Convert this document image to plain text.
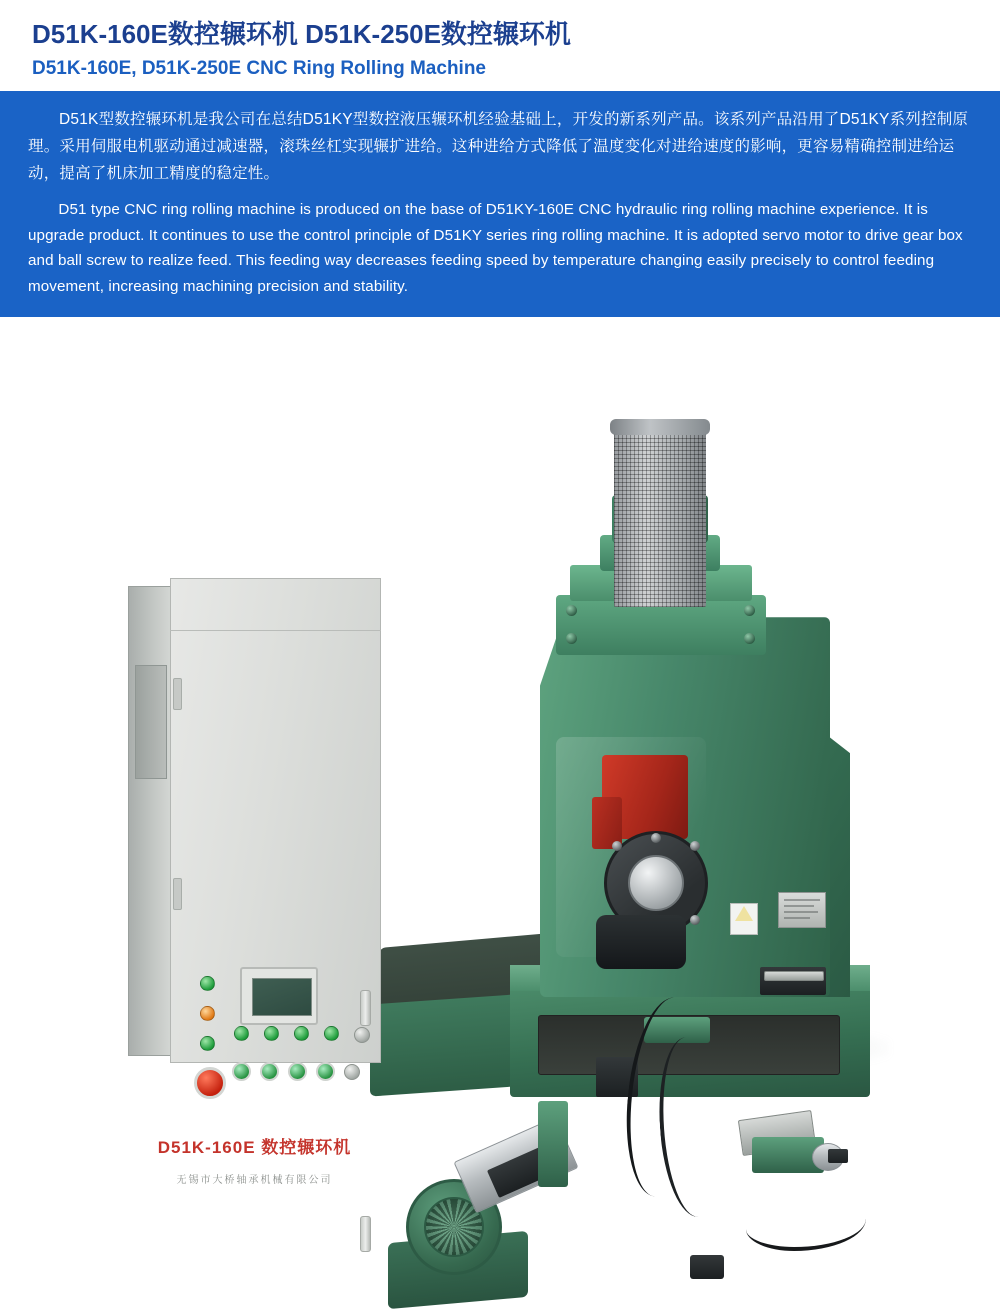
D51K-160E数控辗环机 D51K-250E数控辗环机
D51K-160E, D51K-250E CNC Ring Rolling Machine

D51K型数控辗环机是我公司在总结D51KY型数控液压辗环机经验基础上，开发的新系列产品。该系列产品沿用了D51KY系列控制原理。采用伺服电机驱动通过减速器，滚珠丝杠实现辗扩进给。这种进给方式降低了温度变化对进给速度的影响，更容易精确控制进给运动，提高了机床加工精度的稳定性。

D51 type CNC ring rolling machine is produced on the base of D51KY-160E CNC hydraulic ring rolling machine experience. It is upgrade product. It continues to use the control principle of D51KY series ring rolling machine. It is adopted servo motor to drive gear box and ball screw to realize feed. This feeding way decreases feeding speed by temperature changing easily precisely to control feeding movement, increasing machining precision and stability.

D51K-160E 数控辗环机
无锡市大桥轴承机械有限公司
